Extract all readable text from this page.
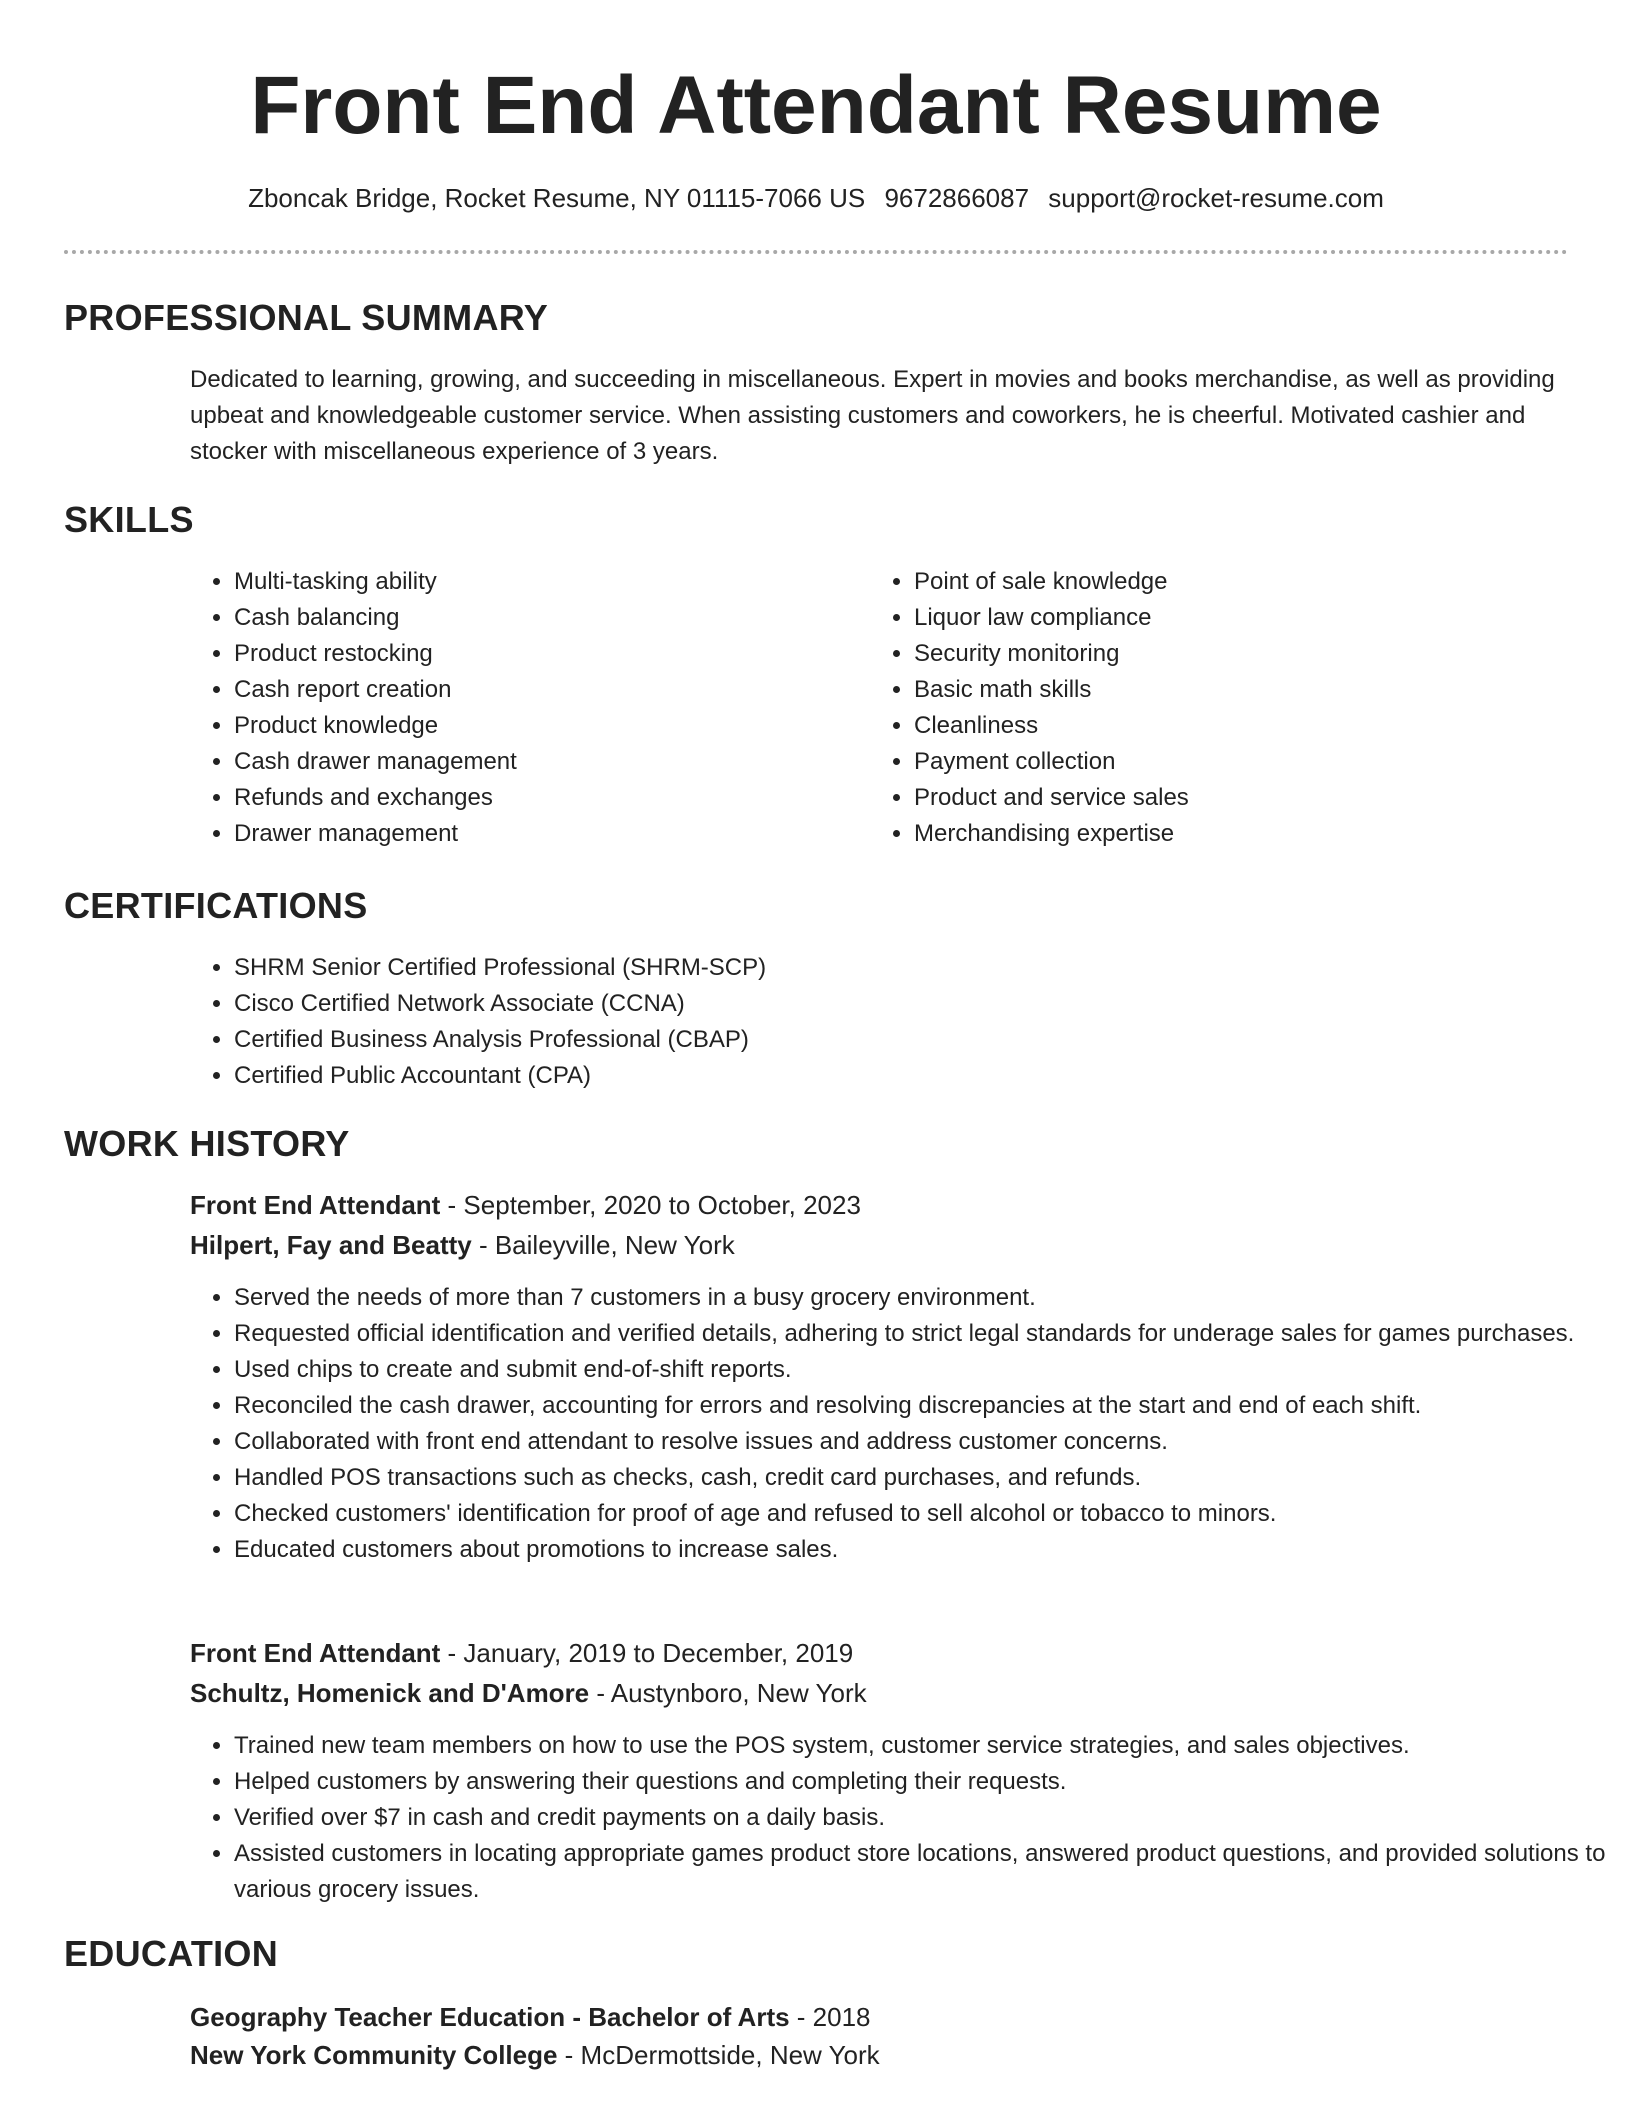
Front End Attendant Resume
Zboncak Bridge, Rocket Resume, NY 01115-7066 US 9672866087 support@rocket-resume.com
PROFESSIONAL SUMMARY

Dedicated to learning, growing, and succeeding in miscellaneous. Expert in movies and books merchandise, as well as providing upbeat and knowledgeable customer service. When assisting customers and coworkers, he is cheerful. Motivated cashier and stocker with miscellaneous experience of 3 years.

SKILLS
• Multi-tasking ability
• Cash balancing
• Product restocking
• Cash report creation
• Product knowledge
• Cash drawer management
• Refunds and exchanges
• Drawer management
• Point of sale knowledge
• Liquor law compliance
• Security monitoring
• Basic math skills
• Cleanliness
• Payment collection
• Product and service sales
• Merchandising expertise
CERTIFICATIONS
• SHRM Senior Certified Professional (SHRM-SCP)
• Cisco Certified Network Associate (CCNA)
• Certified Business Analysis Professional (CBAP)
• Certified Public Accountant (CPA)
WORK HISTORY
Front End Attendant - September, 2020 to October, 2023
Hilpert, Fay and Beatty - Baileyville, New York
• Served the needs of more than 7 customers in a busy grocery environment.
• Requested official identification and verified details, adhering to strict legal standards for underage sales for games purchases.
• Used chips to create and submit end-of-shift reports.
• Reconciled the cash drawer, accounting for errors and resolving discrepancies at the start and end of each shift.
• Collaborated with front end attendant to resolve issues and address customer concerns.
• Handled POS transactions such as checks, cash, credit card purchases, and refunds.
• Checked customers' identification for proof of age and refused to sell alcohol or tobacco to minors.
• Educated customers about promotions to increase sales.
Front End Attendant - January, 2019 to December, 2019
Schultz, Homenick and D'Amore - Austynboro, New York
• Trained new team members on how to use the POS system, customer service strategies, and sales objectives.
• Helped customers by answering their questions and completing their requests.
• Verified over $7 in cash and credit payments on a daily basis.
• Assisted customers in locating appropriate games product store locations, answered product questions, and provided solutions to various grocery issues.
EDUCATION
Geography Teacher Education - Bachelor of Arts - 2018
New York Community College - McDermottside, New York
